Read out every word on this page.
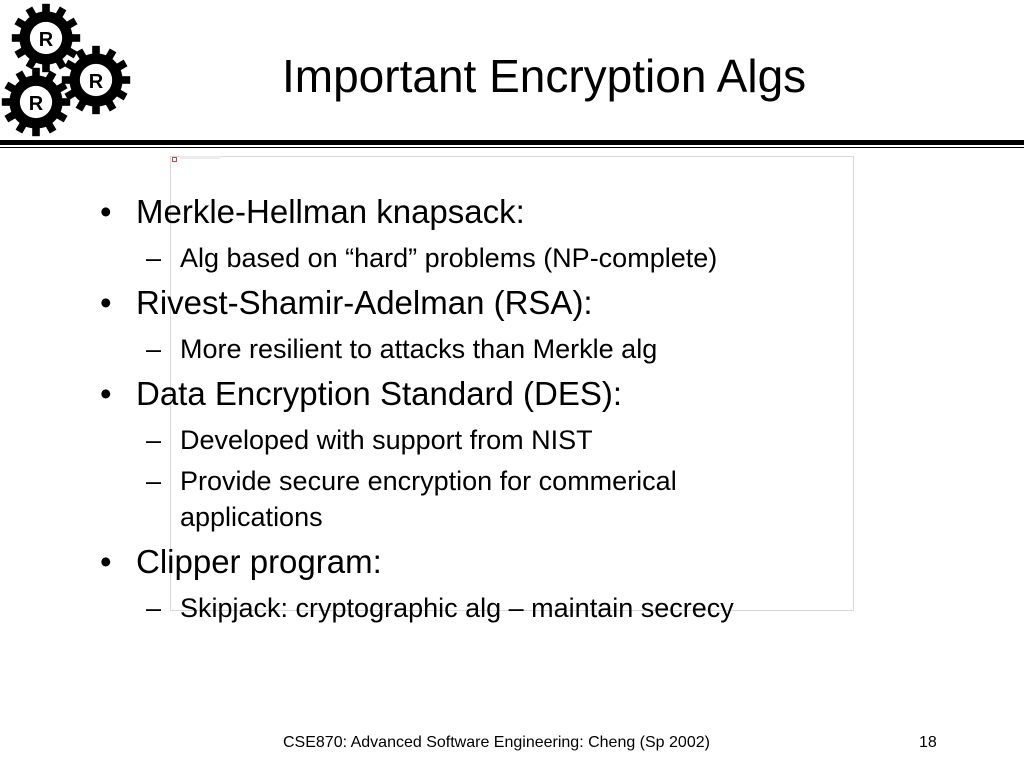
R
R
R
Important Encryption Algs
• Merkle-Hellman knapsack:
– Alg based on “hard” problems (NP-complete)
• Rivest-Shamir-Adelman (RSA):
– More resilient to attacks than Merkle alg
• Data Encryption Standard (DES):
– Developed with support from NIST
– Provide secure encryption for commerical applications
• Clipper program:
– Skipjack: cryptographic alg – maintain secrecy
CSE870: Advanced Software Engineering: Cheng (Sp 2002)	18
